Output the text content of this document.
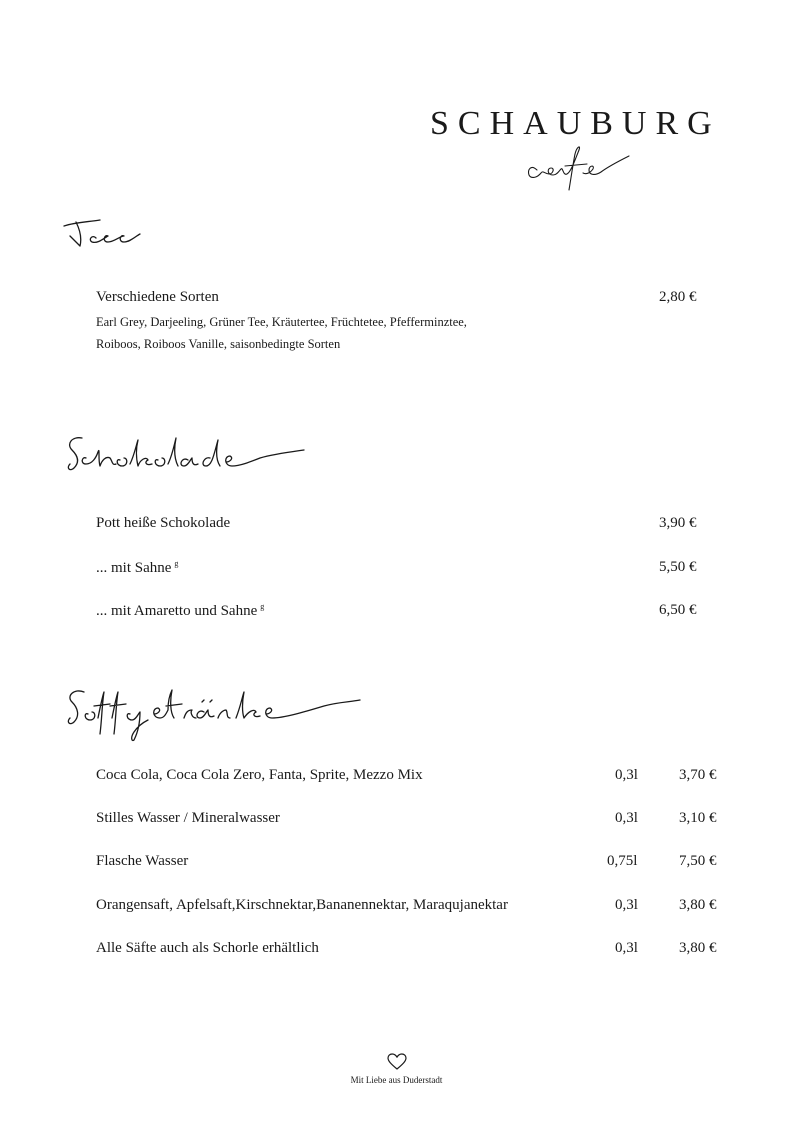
SCHAUBURG
Verschiedene Sorten	2,80 €
Earl Grey, Darjeeling, Grüner Tee, Kräutertee, Früchtetee, Pfefferminztee,
Roiboos, Roiboos Vanille, saisonbedingte Sorten
Pott heiße Schokolade	3,90 €
... mit Sahne $^g$	5,50 €
... mit Amaretto und Sahne $^g$	6,50 €
Coca Cola, Coca Cola Zero, Fanta, Sprite, Mezzo Mix	0,3l	3,70 €
Stilles Wasser / Mineralwasser	0,3l	3,10 €
Flasche Wasser	0,75l	7,50 €
Orangensaft, Apfelsaft,Kirschnektar,Bananennektar, Maraqujanektar	0,3l	3,80 €
Alle Säfte auch als Schorle erhältlich	0,3l	3,80 €
Mit Liebe aus Duderstadt
